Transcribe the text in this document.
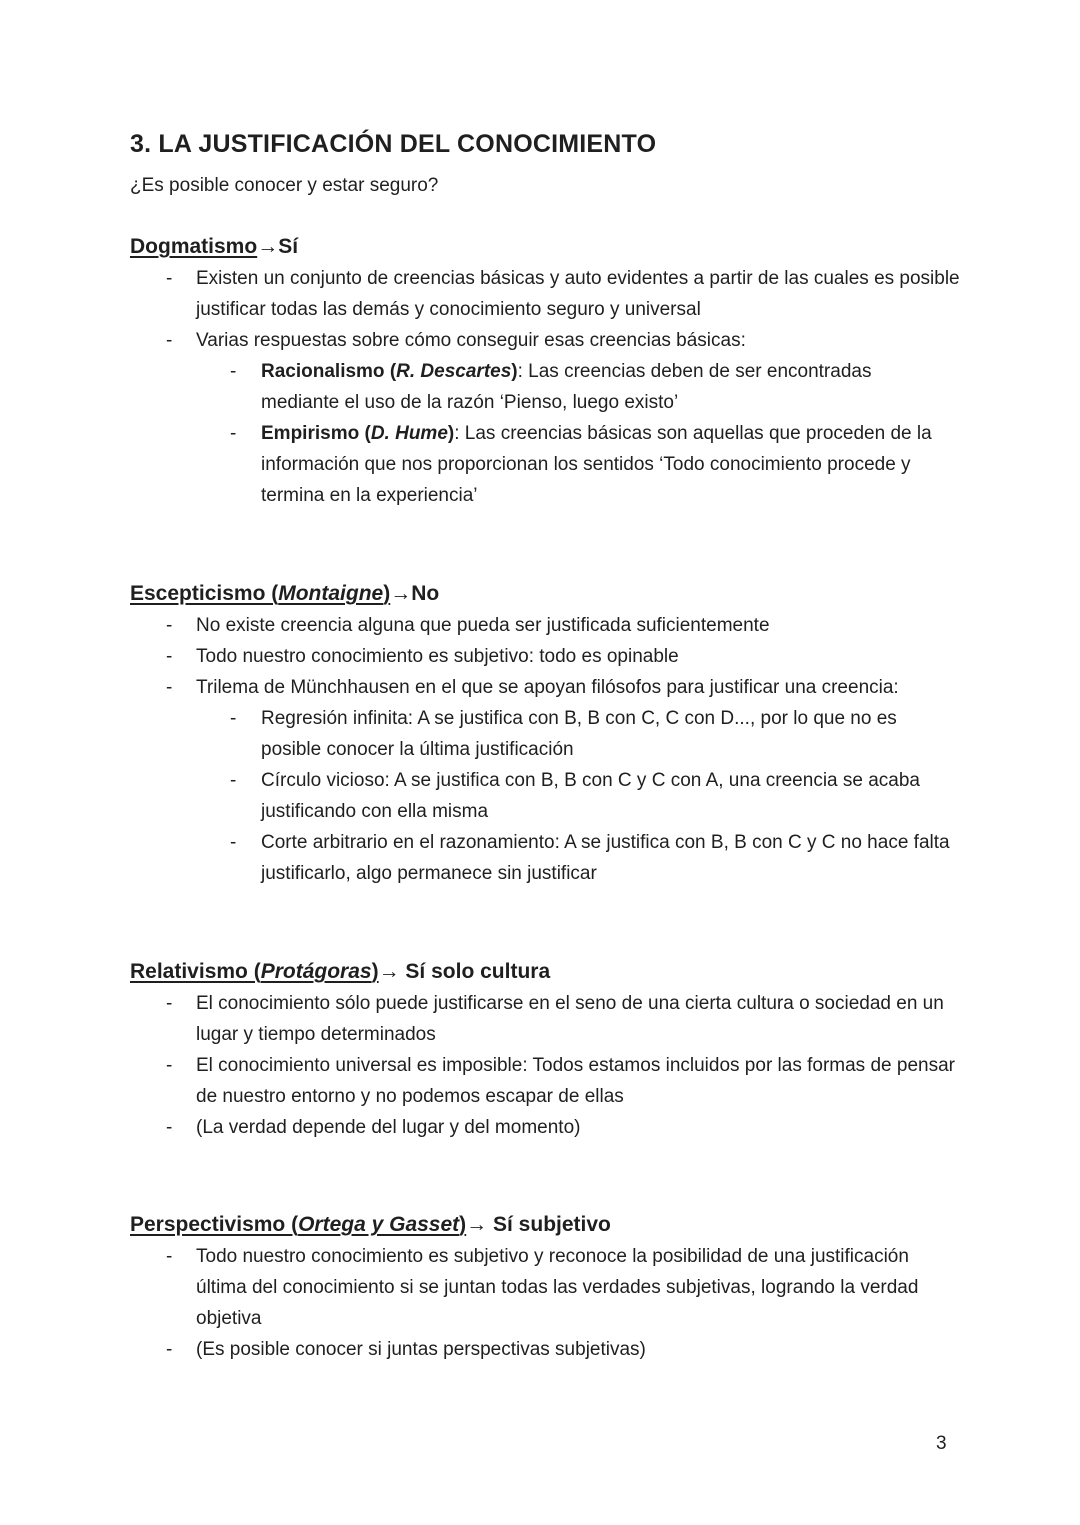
3. LA JUSTIFICACIÓN DEL CONOCIMIENTO
¿Es posible conocer y estar seguro?
Dogmatismo→Sí
- Existen un conjunto de creencias básicas y auto evidentes a partir de las cuales es posible justificar todas las demás y conocimiento seguro y universal
- Varias respuestas sobre cómo conseguir esas creencias básicas:
- Racionalismo (R. Descartes): Las creencias deben de ser encontradas mediante el uso de la razón ‘Pienso, luego existo’
- Empirismo (D. Hume): Las creencias básicas son aquellas que proceden de la información que nos proporcionan los sentidos ‘Todo conocimiento procede y termina en la experiencia’
Escepticismo (Montaigne)→No
- No existe creencia alguna que pueda ser justificada suficientemente
- Todo nuestro conocimiento es subjetivo: todo es opinable
- Trilema de Münchhausen en el que se apoyan filósofos para justificar una creencia:
- Regresión infinita: A se justifica con B, B con C, C con D..., por lo que no es posible conocer la última justificación
- Círculo vicioso: A se justifica con B, B con C y C con A, una creencia se acaba justificando con ella misma
- Corte arbitrario en el razonamiento: A se justifica con B, B con C y C no hace falta justificarlo, algo permanece sin justificar
Relativismo (Protágoras)→ Sí solo cultura
- El conocimiento sólo puede justificarse en el seno de una cierta cultura o sociedad en un lugar y tiempo determinados
- El conocimiento universal es imposible: Todos estamos incluidos por las formas de pensar de nuestro entorno y no podemos escapar de ellas
- (La verdad depende del lugar y del momento)
Perspectivismo (Ortega y Gasset)→ Sí subjetivo
- Todo nuestro conocimiento es subjetivo y reconoce la posibilidad de una justificación última del conocimiento si se juntan todas las verdades subjetivas, logrando la verdad objetiva
- (Es posible conocer si juntas perspectivas subjetivas)
3
